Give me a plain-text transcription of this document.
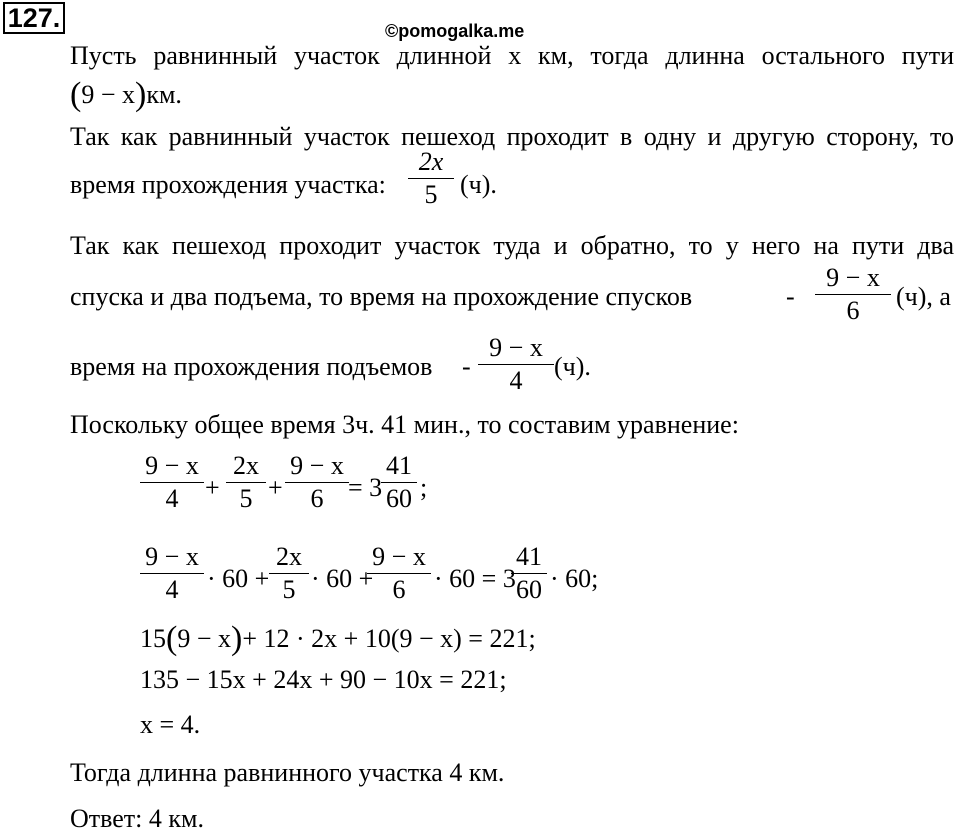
127.	©pomogalka.me
Пусть равнинный участок длинной x км, тогда длинна остального пути
(9 − x)км.
Так как равнинный участок пешеход проходит в одну и другую сторону, то
время прохождения участка:
2x
5 (ч).
Так как пешеход проходит участок туда и обратно, то у него на пути два
спуска и два подъема, то время на прохождение спусков	-
9 − x
6	(ч), а
время на прохождения подъемов -
9 − x
4	(ч).
Поскольку общее время 3ч. 41 мин., то составим уравнение:
9 − x
4	+
2x
5 +
9 − x
6 = 3
41
60 ;
9 − x
4	· 60 +
2x
5 · 60 +
9 − x
6	· 60 = 3
41
60 · 60;
15(9 − x)+ 12 · 2x + 10(9 − x) = 221;
135 − 15x + 24x + 90 − 10x = 221;
x = 4.
Тогда длинна равнинного участка 4 км.
Ответ: 4 км.
